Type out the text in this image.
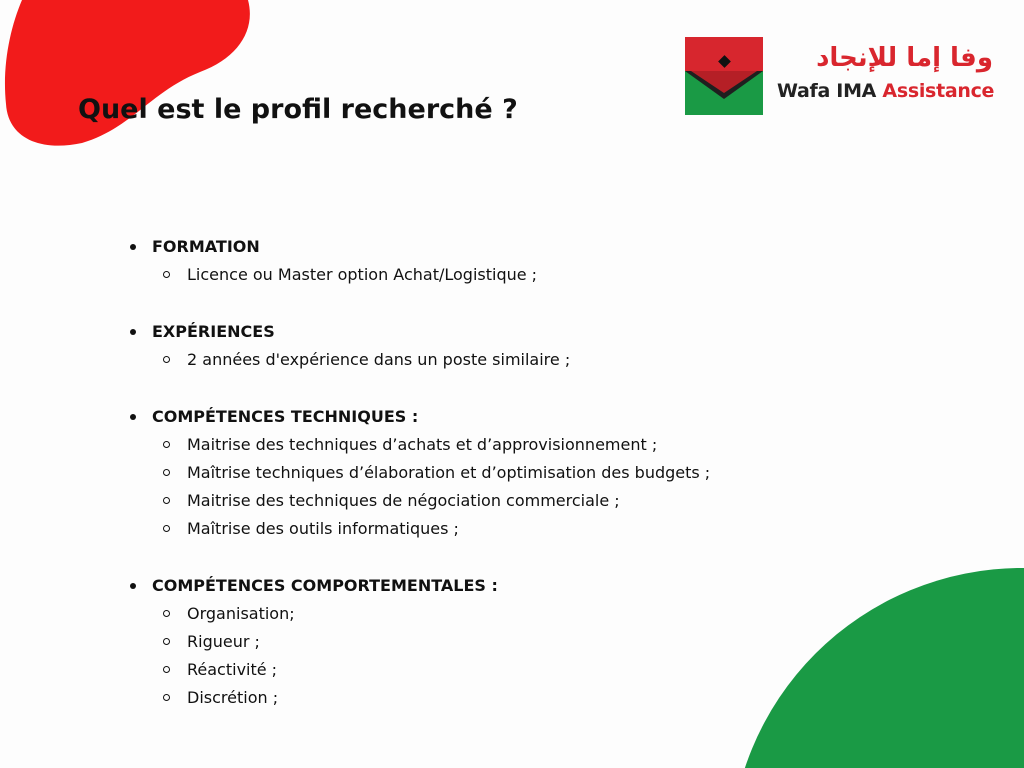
Quel est le profil recherché ?
وفا إما للإنجاد
Wafa IMA Assistance
FORMATION
Licence ou Master option Achat/Logistique ;
EXPÉRIENCES
2 années d'expérience dans un poste similaire ;
COMPÉTENCES TECHNIQUES :
Maitrise des techniques d’achats et d’approvisionnement ;
Maîtrise techniques d’élaboration et d’optimisation des budgets ;
Maitrise des techniques de négociation commerciale ;
Maîtrise des outils informatiques ;
COMPÉTENCES COMPORTEMENTALES :
Organisation;
Rigueur ;
Réactivité ;
Discrétion ;
